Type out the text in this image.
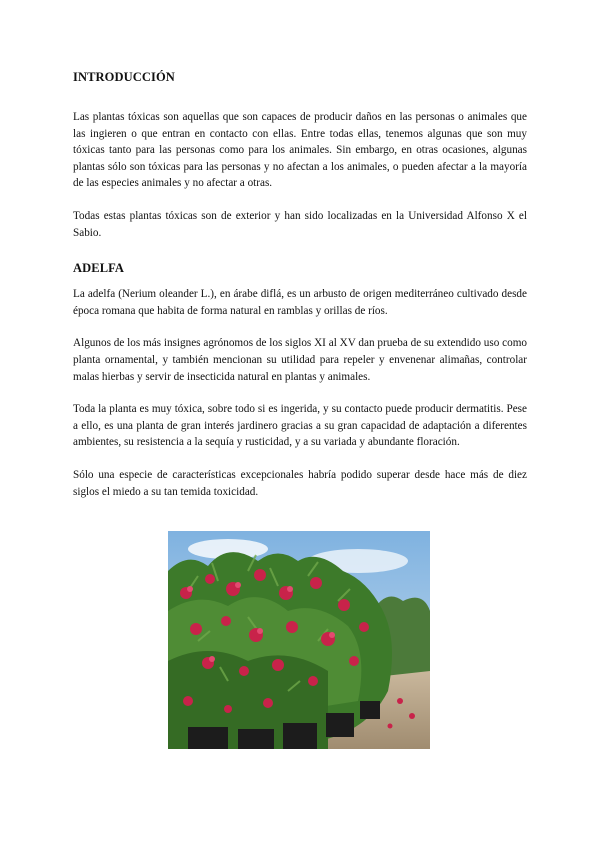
INTRODUCCIÓN

Las plantas tóxicas son aquellas que son capaces de producir daños en las personas o animales que las ingieren o que entran en contacto con ellas. Entre todas ellas, tenemos algunas que son muy tóxicas tanto para las personas como para los animales. Sin embargo, en otras ocasiones, algunas plantas sólo son tóxicas para las personas y no afectan a los animales, o pueden afectar a la mayoría de las especies animales y no afectar a otras.

Todas estas plantas tóxicas son de exterior y han sido localizadas en la Universidad Alfonso X el Sabio.

ADELFA

La adelfa (Nerium oleander L.), en árabe diflá, es un arbusto de origen mediterráneo cultivado desde época romana que habita de forma natural en ramblas y orillas de ríos.

Algunos de los más insignes agrónomos de los siglos XI al XV dan prueba de su extendido uso como planta ornamental, y también mencionan su utilidad para repeler y envenenar alimañas, controlar malas hierbas y servir de insecticida natural en plantas y animales.

Toda la planta es muy tóxica, sobre todo si es ingerida, y su contacto puede producir dermatitis. Pese a ello, es una planta de gran interés jardinero gracias a su gran capacidad de adaptación a diferentes ambientes, su resistencia a la sequía y rusticidad, y a su variada y abundante floración.

Sólo una especie de características excepcionales habría podido superar desde hace más de diez siglos el miedo a su tan temida toxicidad.
